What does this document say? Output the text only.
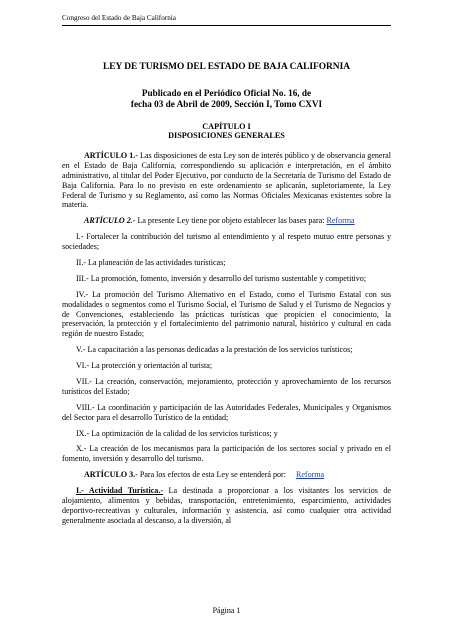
Congreso del Estado de Baja California
LEY DE TURISMO DEL ESTADO DE BAJA CALIFORNIA
Publicado en el Periódico Oficial No. 16, de
fecha 03 de Abril de 2009, Sección I, Tomo CXVI
CAPÍTULO I
DISPOSICIONES GENERALES

ARTÍCULO 1.- Las disposiciones de esta Ley son de interés público y de observancia general en el Estado de Baja California, correspondiendo su aplicación e interpretación, en el ámbito administrativo, al titular del Poder Ejecutivo, por conducto de la Secretaría de Turismo del Estado de Baja California. Para lo no previsto en este ordenamiento se aplicarán, supletoriamente, la Ley Federal de Turismo y su Reglamento, así como las Normas Oficiales Mexicanas existentes sobre la materia.

ARTÍCULO 2.- La presente Ley tiene por objeto establecer las bases para: Reforma

I.- Fortalecer la contribución del turismo al entendimiento y al respeto mutuo entre personas y sociedades;

II.- La planeación de las actividades turísticas;

III.- La promoción, fomento, inversión y desarrollo del turismo sustentable y competitivo;

IV.- La promoción del Turismo Alternativo en el Estado, como el Turismo Estatal con sus modalidades o segmentos como el Turismo Social, el Turismo de Salud y el Turismo de Negocios y de Convenciones, estableciendo las prácticas turísticas que propicien el conocimiento, la preservación, la protección y el fortalecimiento del patrimonio natural, histórico y cultural en cada región de nuestro Estado;

V.- La capacitación a las personas dedicadas a la prestación de los servicios turísticos;

VI.- La protección y orientación al turista;

VII.- La creación, conservación, mejoramiento, protección y aprovechamiento de los recursos turísticos del Estado;

VIII.- La coordinación y participación de las Autoridades Federales, Municipales y Organismos del Sector para el desarrollo Turístico de la entidad;

IX.- La optimización de la calidad de los servicios turísticos; y

X.- La creación de los mecanismos para la participación de los sectores social y privado en el fomento, inversión y desarrollo del turismo.

ARTÍCULO 3.- Para los efectos de esta Ley se entenderá por: Reforma

I.- Actividad Turística.- La destinada a proporcionar a los visitantes los servicios de alojamiento, alimentos y bebidas, transportación, entretenimiento, esparcimiento, actividades deportivo-recreativas y culturales, información y asistencia, así como cualquier otra actividad generalmente asociada al descanso, a la diversión, al

Página 1
